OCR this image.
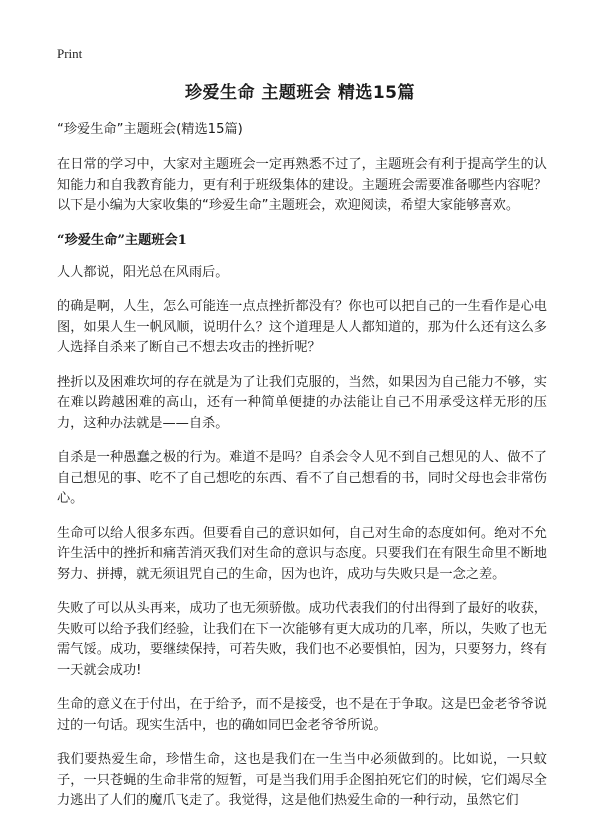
Print
珍爱生命 主题班会 精选15篇

“珍爱生命”主题班会(精选15篇)

在日常的学习中，大家对主题班会一定再熟悉不过了，主题班会有利于提高学生的认知能力和自我教育能力，更有利于班级集体的建设。主题班会需要准备哪些内容呢？以下是小编为大家收集的“珍爱生命”主题班会，欢迎阅读，希望大家能够喜欢。

“珍爱生命”主题班会1

人人都说，阳光总在风雨后。

的确是啊，人生，怎么可能连一点点挫折都没有？你也可以把自己的一生看作是心电图，如果人生一帆风顺，说明什么？这个道理是人人都知道的，那为什么还有这么多人选择自杀来了断自己不想去攻击的挫折呢？

挫折以及困难坎坷的存在就是为了让我们克服的，当然，如果因为自己能力不够，实在难以跨越困难的高山，还有一种简单便捷的办法能让自己不用承受这样无形的压力，这种办法就是——自杀。

自杀是一种愚蠢之极的行为。难道不是吗？自杀会令人见不到自己想见的人、做不了自己想见的事、吃不了自己想吃的东西、看不了自己想看的书，同时父母也会非常伤心。

生命可以给人很多东西。但要看自己的意识如何，自己对生命的态度如何。绝对不允许生活中的挫折和痛苦消灭我们对生命的意识与态度。只要我们在有限生命里不断地努力、拼搏，就无须诅咒自己的生命，因为也许，成功与失败只是一念之差。

失败了可以从头再来，成功了也无须骄傲。成功代表我们的付出得到了最好的收获，失败可以给予我们经验，让我们在下一次能够有更大成功的几率，所以，失败了也无需气馁。成功，要继续保持，可若失败，我们也不必要惧怕，因为，只要努力，终有一天就会成功!

生命的意义在于付出，在于给予，而不是接受，也不是在于争取。这是巴金老爷爷说过的一句话。现实生活中，也的确如同巴金老爷爷所说。

我们要热爱生命，珍惜生命，这也是我们在一生当中必须做到的。比如说，一只蚊子，一只苍蝇的生命非常的短暂，可是当我们用手企图拍死它们的时候，它们竭尽全力逃出了人们的魔爪飞走了。我觉得，这是他们热爱生命的一种行动，虽然它们
